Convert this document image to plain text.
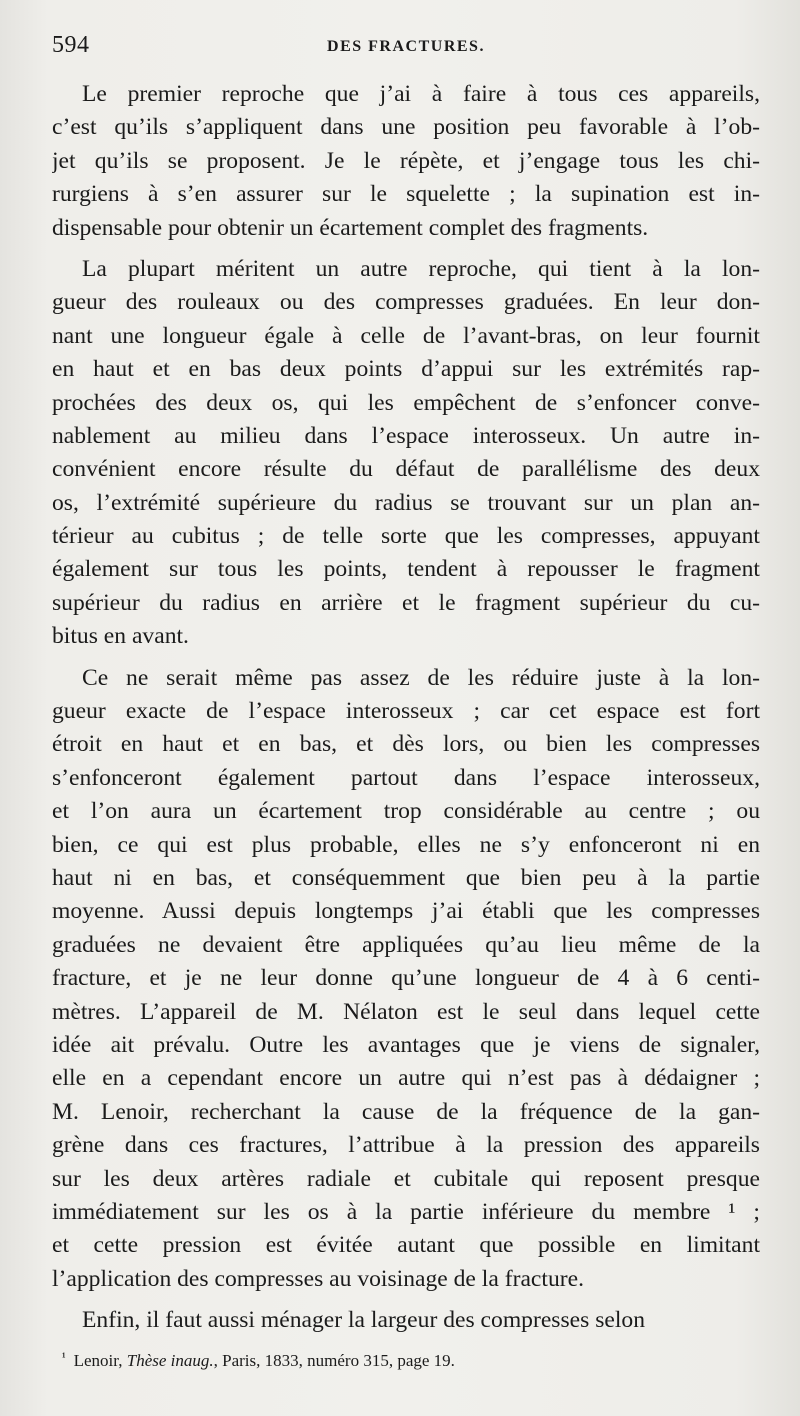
594	DES FRACTURES.
Le premier reproche que j’ai à faire à tous ces appareils,
c’est qu’ils s’appliquent dans une position peu favorable à l’ob-
jet qu’ils se proposent. Je le répète, et j’engage tous les chi-
rurgiens à s’en assurer sur le squelette ; la supination est in-
dispensable pour obtenir un écartement complet des fragments.
La plupart méritent un autre reproche, qui tient à la lon-
gueur des rouleaux ou des compresses graduées. En leur don-
nant une longueur égale à celle de l’avant-bras, on leur fournit
en haut et en bas deux points d’appui sur les extrémités rap-
prochées des deux os, qui les empêchent de s’enfoncer conve-
nablement au milieu dans l’espace interosseux. Un autre in-
convénient encore résulte du défaut de parallélisme des deux
os, l’extrémité supérieure du radius se trouvant sur un plan an-
térieur au cubitus ; de telle sorte que les compresses, appuyant
également sur tous les points, tendent à repousser le fragment
supérieur du radius en arrière et le fragment supérieur du cu-
bitus en avant.
Ce ne serait même pas assez de les réduire juste à la lon-
gueur exacte de l’espace interosseux ; car cet espace est fort
étroit en haut et en bas, et dès lors, ou bien les compresses
s’enfonceront également partout dans l’espace interosseux,
et l’on aura un écartement trop considérable au centre ; ou
bien, ce qui est plus probable, elles ne s’y enfonceront ni en
haut ni en bas, et conséquemment que bien peu à la partie
moyenne. Aussi depuis longtemps j’ai établi que les compresses
graduées ne devaient être appliquées qu’au lieu même de la
fracture, et je ne leur donne qu’une longueur de 4 à 6 centi-
mètres. L’appareil de M. Nélaton est le seul dans lequel cette
idée ait prévalu. Outre les avantages que je viens de signaler,
elle en a cependant encore un autre qui n’est pas à dédaigner ;
M. Lenoir, recherchant la cause de la fréquence de la gan-
grène dans ces fractures, l’attribue à la pression des appareils
sur les deux artères radiale et cubitale qui reposent presque
immédiatement sur les os à la partie inférieure du membre ¹ ;
et cette pression est évitée autant que possible en limitant
l’application des compresses au voisinage de la fracture.
Enfin, il faut aussi ménager la largeur des compresses selon
$^{^1}$ Lenoir, Thèse inaug., Paris, 1833, numéro 315, page 19.
